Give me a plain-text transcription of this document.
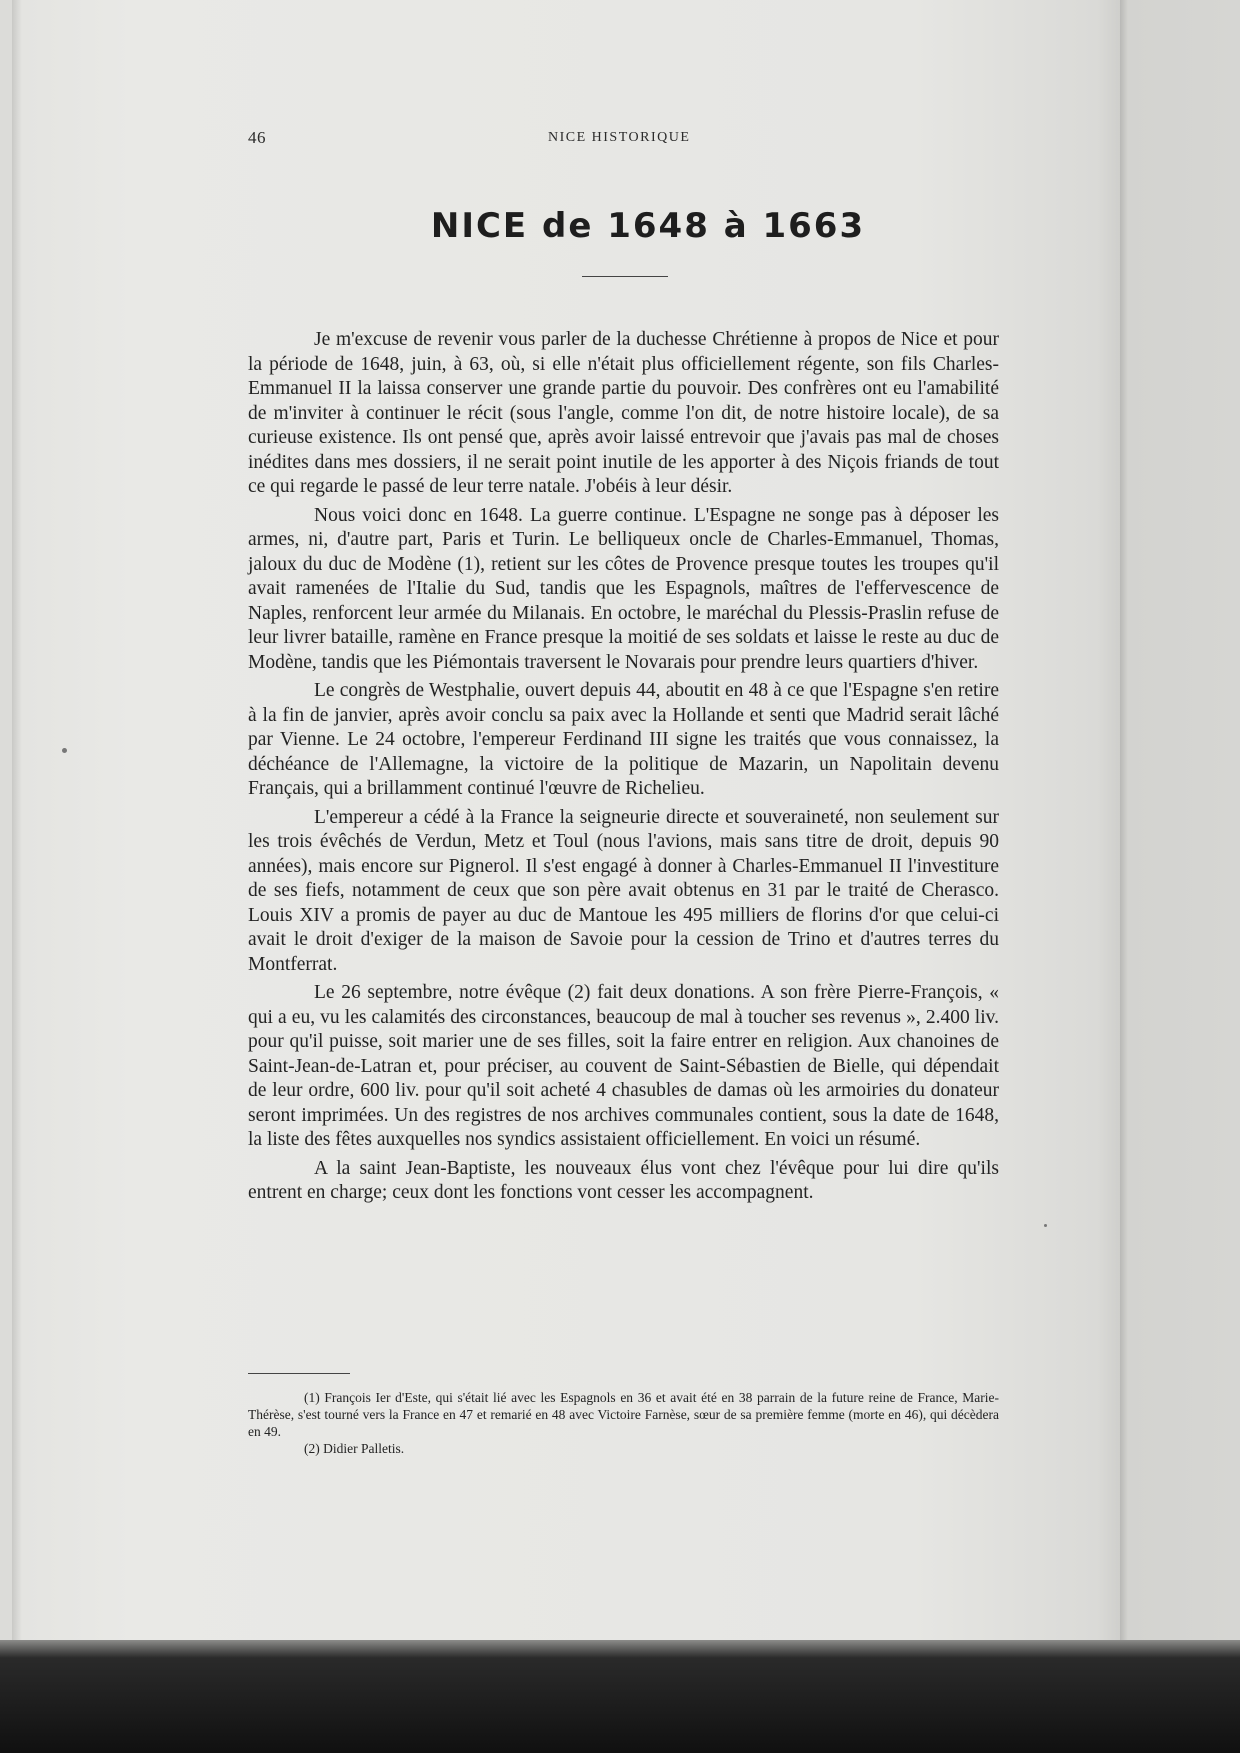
46	NICE HISTORIQUE
NICE de 1648 à 1663

Je m'excuse de revenir vous parler de la duchesse Chrétienne à propos de Nice et pour la période de 1648, juin, à 63, où, si elle n'était plus officiellement régente, son fils Charles-Emmanuel II la laissa conserver une grande partie du pouvoir. Des confrères ont eu l'amabilité de m'inviter à continuer le récit (sous l'angle, comme l'on dit, de notre histoire locale), de sa curieuse existence. Ils ont pensé que, après avoir laissé entrevoir que j'avais pas mal de choses inédites dans mes dossiers, il ne serait point inutile de les apporter à des Niçois friands de tout ce qui regarde le passé de leur terre natale. J'obéis à leur désir.

Nous voici donc en 1648. La guerre continue. L'Espagne ne songe pas à déposer les armes, ni, d'autre part, Paris et Turin. Le belliqueux oncle de Charles-Emmanuel, Thomas, jaloux du duc de Modène (1), retient sur les côtes de Provence presque toutes les troupes qu'il avait ramenées de l'Italie du Sud, tandis que les Espagnols, maîtres de l'effervescence de Naples, renforcent leur armée du Milanais. En octobre, le maréchal du Plessis-Praslin refuse de leur livrer bataille, ramène en France presque la moitié de ses soldats et laisse le reste au duc de Modène, tandis que les Piémontais traversent le Novarais pour prendre leurs quartiers d'hiver.

Le congrès de Westphalie, ouvert depuis 44, aboutit en 48 à ce que l'Espagne s'en retire à la fin de janvier, après avoir conclu sa paix avec la Hollande et senti que Madrid serait lâché par Vienne. Le 24 octobre, l'empereur Ferdinand III signe les traités que vous connaissez, la déchéance de l'Allemagne, la victoire de la politique de Mazarin, un Napolitain devenu Français, qui a brillamment continué l'œuvre de Richelieu.

L'empereur a cédé à la France la seigneurie directe et souveraineté, non seulement sur les trois évêchés de Verdun, Metz et Toul (nous l'avions, mais sans titre de droit, depuis 90 années), mais encore sur Pignerol. Il s'est engagé à donner à Charles-Emmanuel II l'investiture de ses fiefs, notamment de ceux que son père avait obtenus en 31 par le traité de Cherasco. Louis XIV a promis de payer au duc de Mantoue les 495 milliers de florins d'or que celui-ci avait le droit d'exiger de la maison de Savoie pour la cession de Trino et d'autres terres du Montferrat.

Le 26 septembre, notre évêque (2) fait deux donations. A son frère Pierre-François, « qui a eu, vu les calamités des circonstances, beaucoup de mal à toucher ses revenus », 2.400 liv. pour qu'il puisse, soit marier une de ses filles, soit la faire entrer en religion. Aux chanoines de Saint-Jean-de-Latran et, pour préciser, au couvent de Saint-Sébastien de Bielle, qui dépendait de leur ordre, 600 liv. pour qu'il soit acheté 4 chasubles de damas où les armoiries du donateur seront imprimées. Un des registres de nos archives communales contient, sous la date de 1648, la liste des fêtes auxquelles nos syndics assistaient officiellement. En voici un résumé.

A la saint Jean-Baptiste, les nouveaux élus vont chez l'évêque pour lui dire qu'ils entrent en charge; ceux dont les fonctions vont cesser les accompagnent.

(1) François Ier d'Este, qui s'était lié avec les Espagnols en 36 et avait été en 38 parrain de la future reine de France, Marie-Thérèse, s'est tourné vers la France en 47 et remarié en 48 avec Victoire Farnèse, sœur de sa première femme (morte en 46), qui décèdera en 49.

(2) Didier Palletis.
